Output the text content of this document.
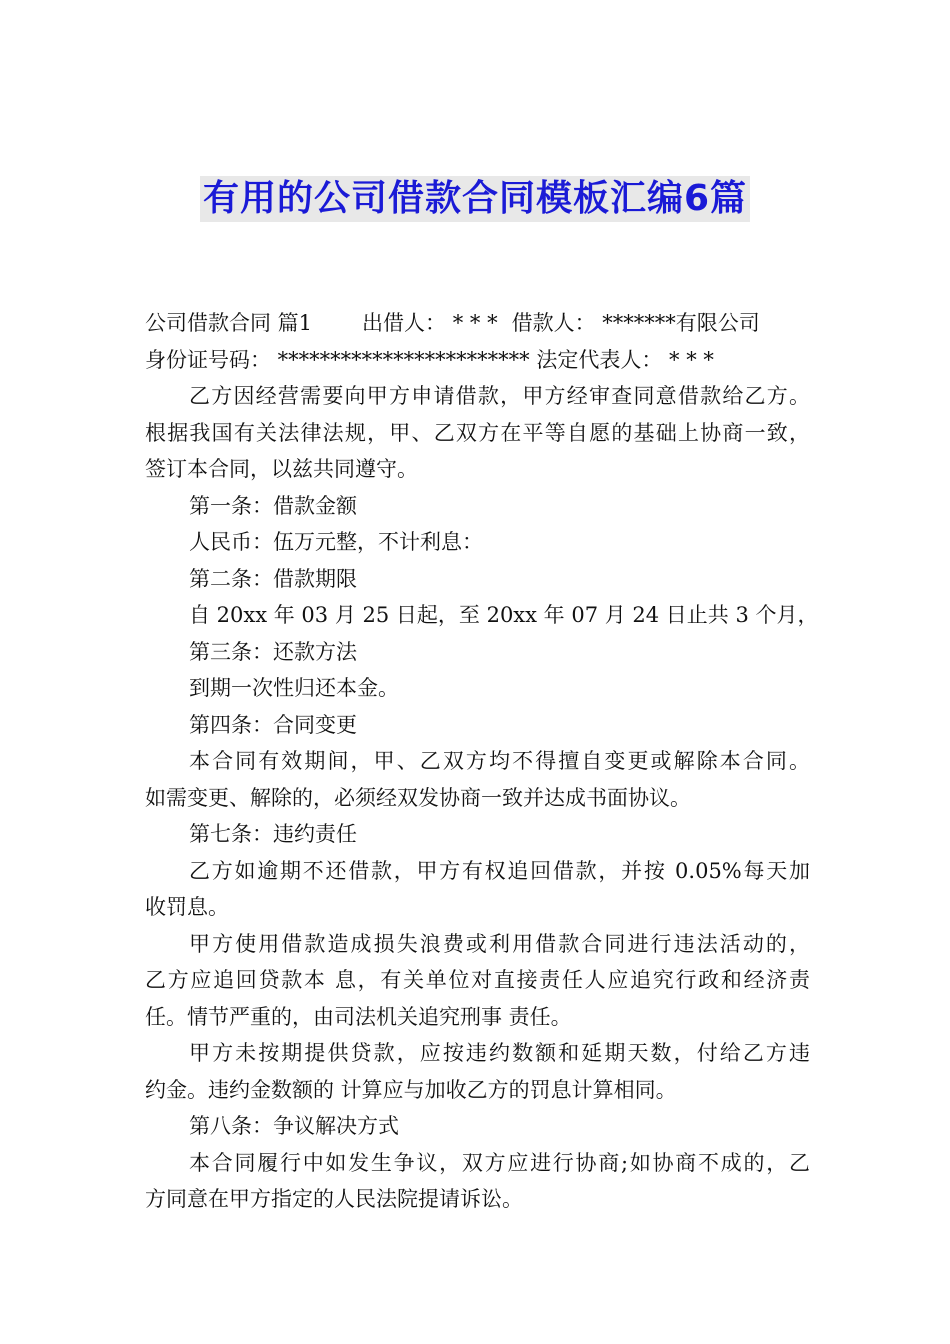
有用的公司借款合同模板汇编6篇
公司借款合同 篇1 出借人： * * * 借款人： *******有限公司
身份证号码： ************************ 法定代表人： * * *
乙方因经营需要向甲方申请借款，甲方经审查同意借款给乙方。
根据我国有关法律法规，甲、乙双方在平等自愿的基础上协商一致，
签订本合同，以兹共同遵守。
第一条：借款金额
人民币：伍万元整，不计利息：
第二条：借款期限
自 20xx 年 03 月 25 日起，至 20xx 年 07 月 24 日止共 3 个月，
第三条：还款方法
到期一次性归还本金。
第四条：合同变更
本合同有效期间，甲、乙双方均不得擅自变更或解除本合同。
如需变更、解除的，必须经双发协商一致并达成书面协议。
第七条：违约责任
乙方如逾期不还借款，甲方有权追回借款，并按 0.05%每天加
收罚息。
甲方使用借款造成损失浪费或利用借款合同进行违法活动的，
乙方应追回贷款本 息，有关单位对直接责任人应追究行政和经济责
任。情节严重的，由司法机关追究刑事 责任。
甲方未按期提供贷款，应按违约数额和延期天数，付给乙方违
约金。违约金数额的 计算应与加收乙方的罚息计算相同。
第八条：争议解决方式
本合同履行中如发生争议，双方应进行协商;如协商不成的，乙
方同意在甲方指定的人民法院提请诉讼。
